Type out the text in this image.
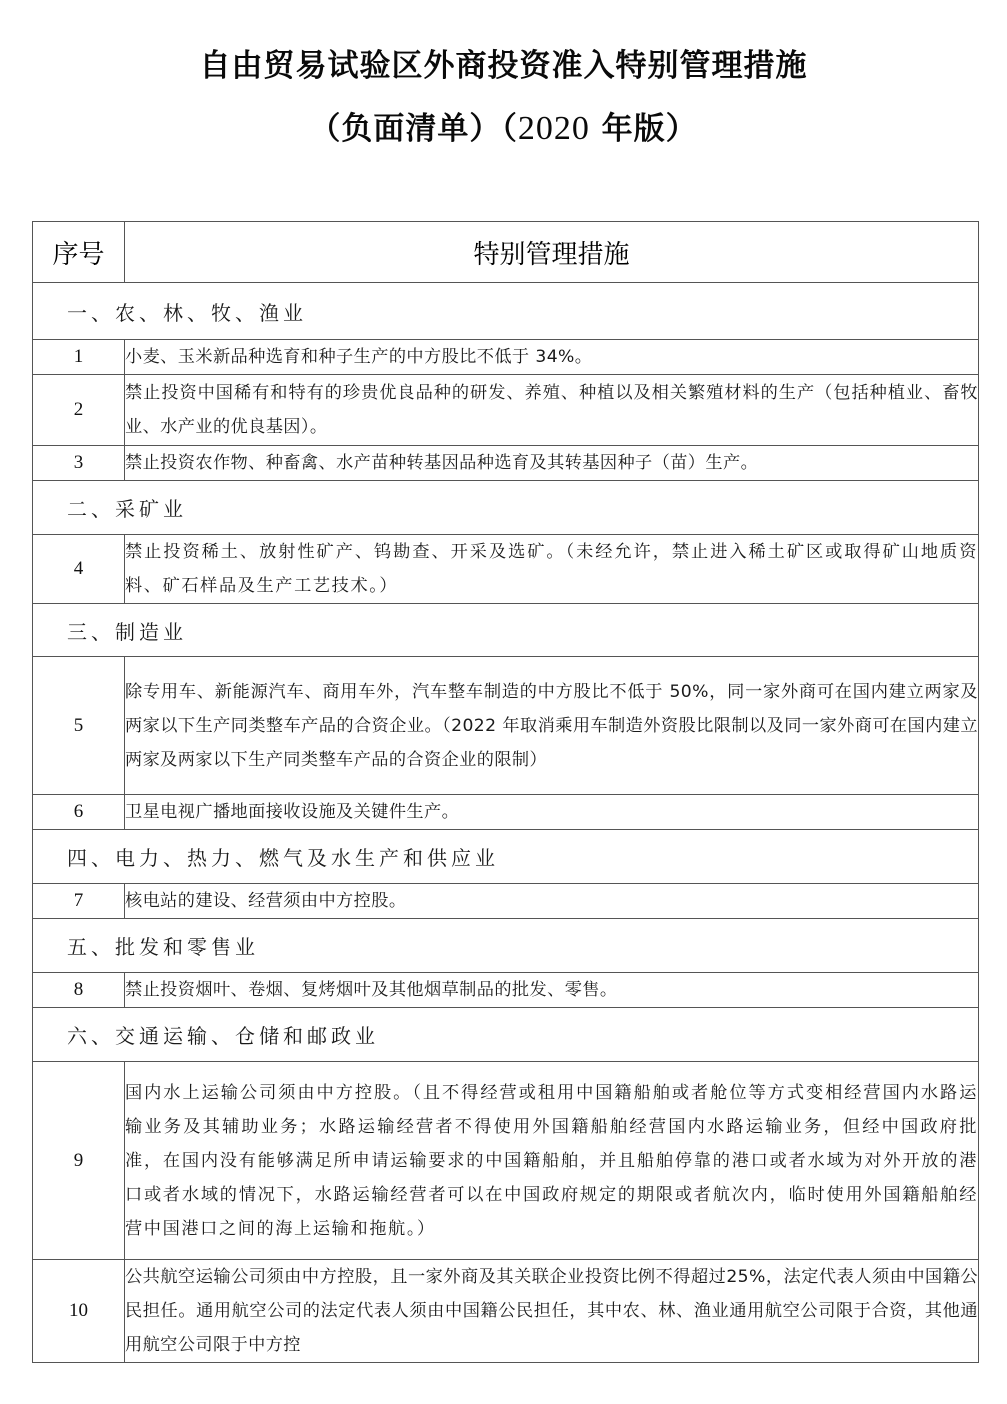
自由贸易试验区外商投资准入特别管理措施
（负面清单）（2020 年版）
序号	特别管理措施
一、农、林、牧、渔业	
1	小麦、玉米新品种选育和种子生产的中方股比不低于 34%。
2	禁止投资中国稀有和特有的珍贵优良品种的研发、养殖、种植以及相关繁殖材料的生产（包括种植业、畜牧业、水产业的优良基因）。
3	禁止投资农作物、种畜禽、水产苗种转基因品种选育及其转基因种子（苗）生产。
二、采矿业	
4	禁止投资稀土、放射性矿产、钨勘查、开采及选矿。（未经允许，禁止进入稀土矿区或取得矿山地质资料、矿石样品及生产工艺技术。）
三、制造业	
5	除专用车、新能源汽车、商用车外，汽车整车制造的中方股比不低于 50%，同一家外商可在国内建立两家及两家以下生产同类整车产品的合资企业。（2022 年取消乘用车制造外资股比限制以及同一家外商可在国内建立两家及两家以下生产同类整车产品的合资企业的限制）
6	卫星电视广播地面接收设施及关键件生产。
四、电力、热力、燃气及水生产和供应业	
7	核电站的建设、经营须由中方控股。
五、批发和零售业	
8	禁止投资烟叶、卷烟、复烤烟叶及其他烟草制品的批发、零售。
六、交通运输、仓储和邮政业	
9	国内水上运输公司须由中方控股。（且不得经营或租用中国籍船舶或者舱位等方式变相经营国内水路运输业务及其辅助业务；水路运输经营者不得使用外国籍船舶经营国内水路运输业务，但经中国政府批准，在国内没有能够满足所申请运输要求的中国籍船舶，并且船舶停靠的港口或者水域为对外开放的港口或者水域的情况下，水路运输经营者可以在中国政府规定的期限或者航次内，临时使用外国籍船舶经营中国港口之间的海上运输和拖航。）
10	公共航空运输公司须由中方控股，且一家外商及其关联企业投资比例不得超过25%，法定代表人须由中国籍公民担任。通用航空公司的法定代表人须由中国籍公民担任，其中农、林、渔业通用航空公司限于合资，其他通用航空公司限于中方控
